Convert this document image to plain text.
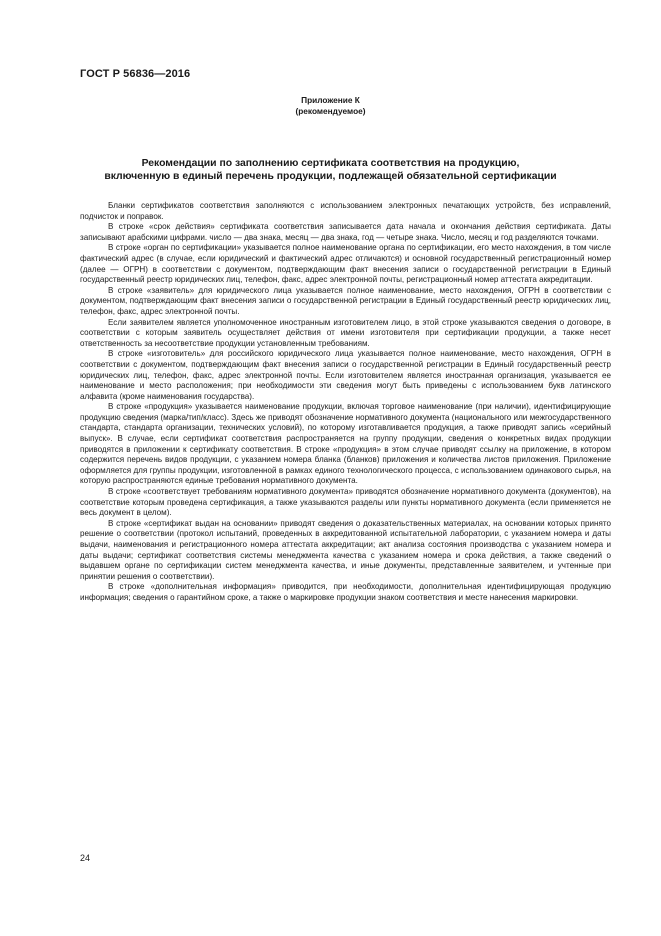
ГОСТ Р 56836—2016
Приложение К
(рекомендуемое)
Рекомендации по заполнению сертификата соответствия на продукцию,
включенную в единый перечень продукции, подлежащей обязательной сертификации

Бланки сертификатов соответствия заполняются с использованием электронных печатающих устройств, без исправлений, подчисток и поправок.

В строке «срок действия» сертификата соответствия записывается дата начала и окончания действия сертификата. Даты записывают арабскими цифрами. число — два знака, месяц — два знака, год — четыре знака. Число, месяц и год разделяются точками.

В строке «орган по сертификации» указывается полное наименование органа по сертификации, его место нахождения, в том числе фактический адрес (в случае, если юридический и фактический адрес отличаются) и основной государственный регистрационный номер (далее — ОГРН) в соответствии с документом, подтверждающим факт внесения записи о государственной регистрации в Единый государственный реестр юридических лиц, телефон, факс, адрес электронной почты, регистрационный номер аттестата аккредитации.

В строке «заявитель» для юридического лица указывается полное наименование, место нахождения, ОГРН в соответствии с документом, подтверждающим факт внесения записи о государственной регистрации в Единый государственный реестр юридических лиц, телефон, факс, адрес электронной почты.

Если заявителем является уполномоченное иностранным изготовителем лицо, в этой строке указываются сведения о договоре, в соответствии с которым заявитель осуществляет действия от имени изготовителя при сертификации продукции, а также несет ответственность за несоответствие продукции установленным требованиям.

В строке «изготовитель» для российского юридического лица указывается полное наименование, место нахождения, ОГРН в соответствии с документом, подтверждающим факт внесения записи о государственной регистрации в Единый государственный реестр юридических лиц, телефон, факс, адрес электронной почты. Если изготовителем является иностранная организация, указывается ее наименование и место расположения; при необходимости эти сведения могут быть приведены с использованием букв латинского алфавита (кроме наименования государства).

В строке «продукция» указывается наименование продукции, включая торговое наименование (при наличии), идентифицирующие продукцию сведения (марка/тип/класс). Здесь же приводят обозначение нормативного документа (национального или межгосударственного стандарта, стандарта организации, технических условий), по которому изготавливается продукция, а также приводят запись «серийный выпуск». В случае, если сертификат соответствия распространяется на группу продукции, сведения о конкретных видах продукции приводятся в приложении к сертификату соответствия. В строке «продукция» в этом случае приводят ссылку на приложение, в котором содержится перечень видов продукции, с указанием номера бланка (бланков) приложения и количества листов приложения. Приложение оформляется для группы продукции, изготовленной в рамках единого технологического процесса, с использованием одинакового сырья, на которую распространяются единые требования нормативного документа.

В строке «соответствует требованиям нормативного документа» приводятся обозначение нормативного документа (документов), на соответствие которым проведена сертификация, а также указываются разделы или пункты нормативного документа (если применяется не весь документ в целом).

В строке «сертификат выдан на основании» приводят сведения о доказательственных материалах, на основании которых принято решение о соответствии (протокол испытаний, проведенных в аккредитованной испытательной лаборатории, с указанием номера и даты выдачи, наименования и регистрационного номера аттестата аккредитации; акт анализа состояния производства с указанием номера и даты выдачи; сертификат соответствия системы менеджмента качества с указанием номера и срока действия, а также сведений о выдавшем органе по сертификации систем менеджмента качества, и иные документы, представленные заявителем, и учтенные при принятии решения о соответствии).

В строке «дополнительная информация» приводится, при необходимости, дополнительная идентифицирующая продукцию информация; сведения о гарантийном сроке, а также о маркировке продукции знаком соответствия и месте нанесения маркировки.

24
